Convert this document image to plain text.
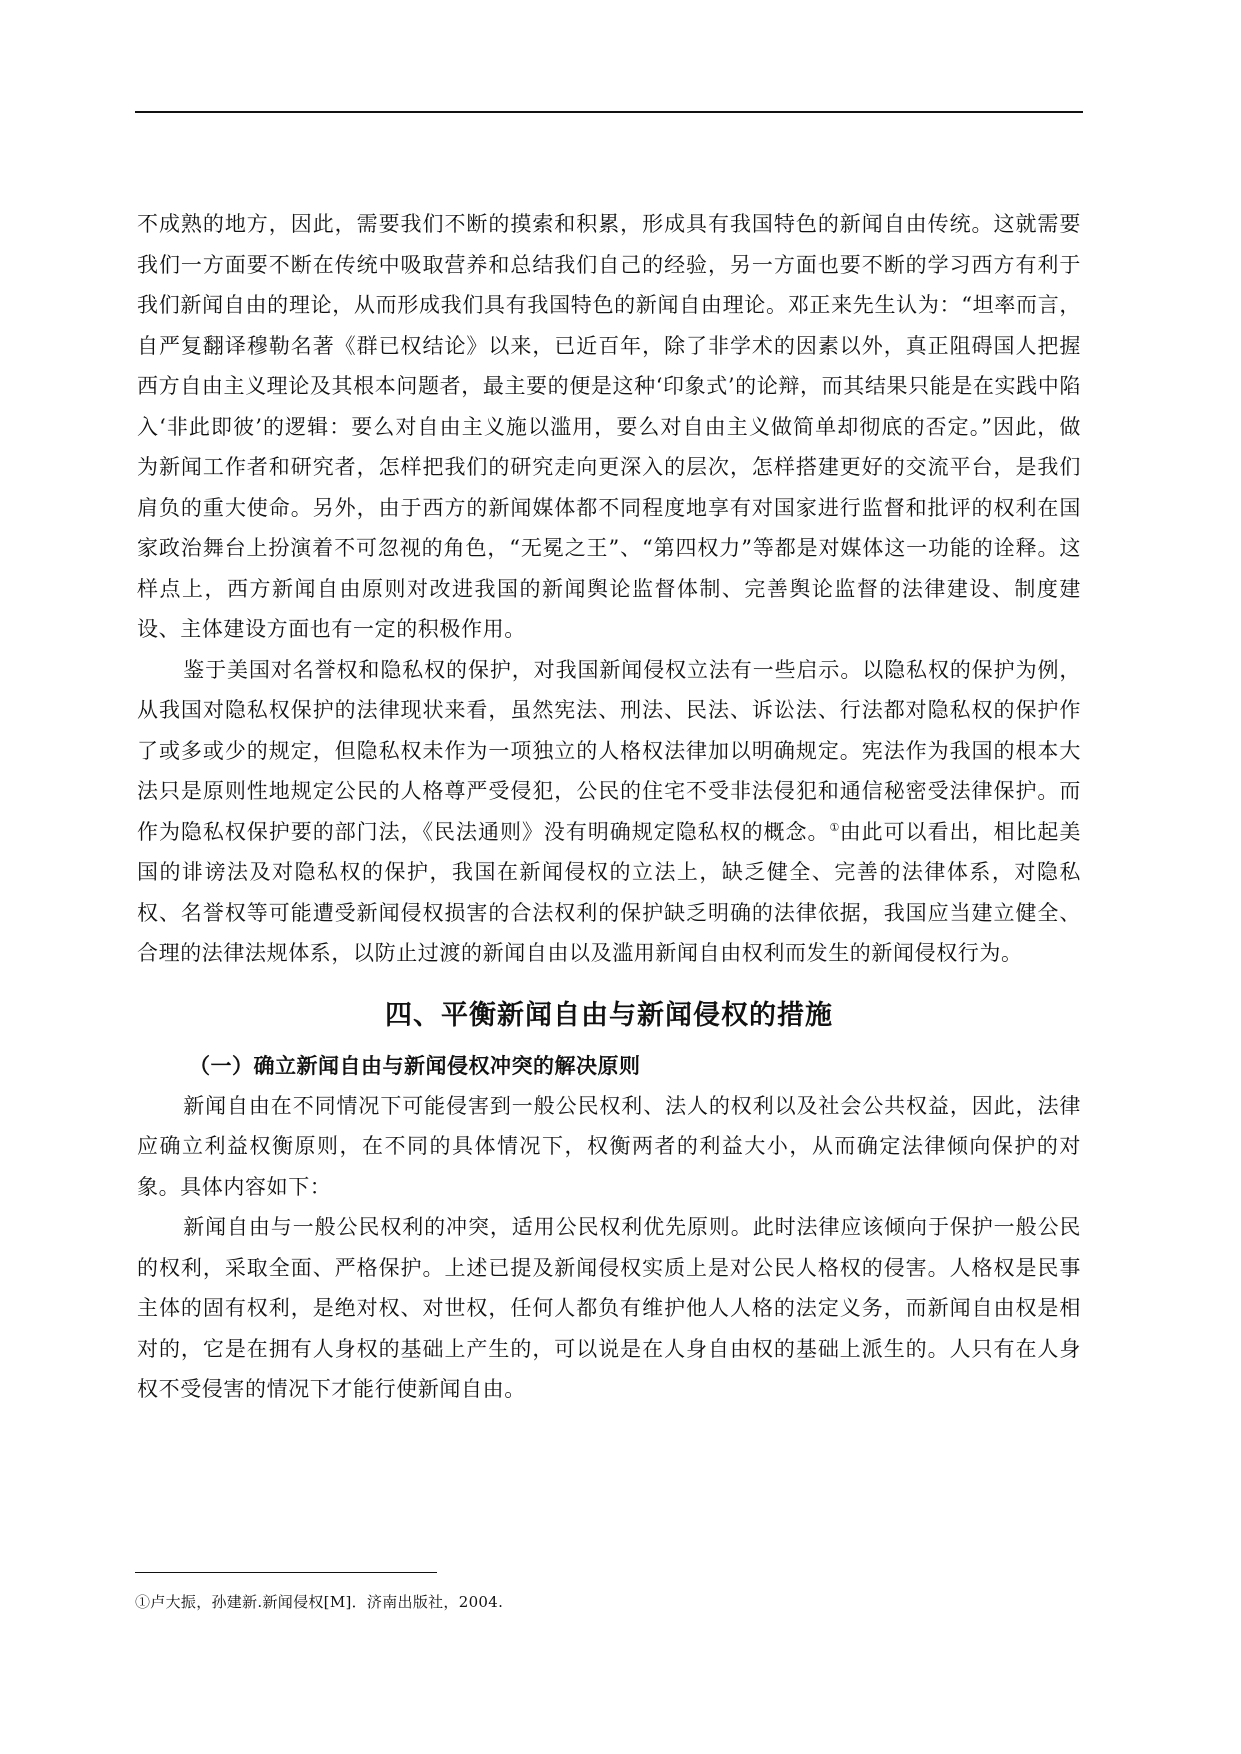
不成熟的地方，因此，需要我们不断的摸索和积累，形成具有我国特色的新闻自由传统。这就需要我们一方面要不断在传统中吸取营养和总结我们自己的经验，另一方面也要不断的学习西方有利于我们新闻自由的理论，从而形成我们具有我国特色的新闻自由理论。邓正来先生认为：“坦率而言，自严复翻译穆勒名著《群已权结论》以来，已近百年，除了非学术的因素以外，真正阻碍国人把握西方自由主义理论及其根本问题者，最主要的便是这种‘印象式’的论辩，而其结果只能是在实践中陷入‘非此即彼’的逻辑：要么对自由主义施以滥用，要么对自由主义做简单却彻底的否定。”因此，做为新闻工作者和研究者，怎样把我们的研究走向更深入的层次，怎样搭建更好的交流平台，是我们肩负的重大使命。另外，由于西方的新闻媒体都不同程度地享有对国家进行监督和批评的权利在国家政治舞台上扮演着不可忽视的角色，“无冕之王”、“第四权力”等都是对媒体这一功能的诠释。这样点上，西方新闻自由原则对改进我国的新闻舆论监督体制、完善舆论监督的法律建设、制度建设、主体建设方面也有一定的积极作用。

鉴于美国对名誉权和隐私权的保护，对我国新闻侵权立法有一些启示。以隐私权的保护为例，从我国对隐私权保护的法律现状来看，虽然宪法、刑法、民法、诉讼法、行法都对隐私权的保护作了或多或少的规定，但隐私权未作为一项独立的人格权法律加以明确规定。宪法作为我国的根本大法只是原则性地规定公民的人格尊严受侵犯，公民的住宅不受非法侵犯和通信秘密受法律保护。而作为隐私权保护要的部门法，《民法通则》没有明确规定隐私权的概念。①由此可以看出，相比起美国的诽谤法及对隐私权的保护，我国在新闻侵权的立法上，缺乏健全、完善的法律体系，对隐私权、名誉权等可能遭受新闻侵权损害的合法权利的保护缺乏明确的法律依据，我国应当建立健全、合理的法律法规体系，以防止过渡的新闻自由以及滥用新闻自由权利而发生的新闻侵权行为。

四、平衡新闻自由与新闻侵权的措施
（一）确立新闻自由与新闻侵权冲突的解决原则

新闻自由在不同情况下可能侵害到一般公民权利、法人的权利以及社会公共权益，因此，法律应确立利益权衡原则，在不同的具体情况下，权衡两者的利益大小，从而确定法律倾向保护的对象。具体内容如下：

新闻自由与一般公民权利的冲突，适用公民权利优先原则。此时法律应该倾向于保护一般公民的权利，采取全面、严格保护。上述已提及新闻侵权实质上是对公民人格权的侵害。人格权是民事主体的固有权利，是绝对权、对世权，任何人都负有维护他人人格的法定义务，而新闻自由权是相对的，它是在拥有人身权的基础上产生的，可以说是在人身自由权的基础上派生的。人只有在人身权不受侵害的情况下才能行使新闻自由。

①卢大振，孙建新.新闻侵权[M]．济南出版社，2004.
